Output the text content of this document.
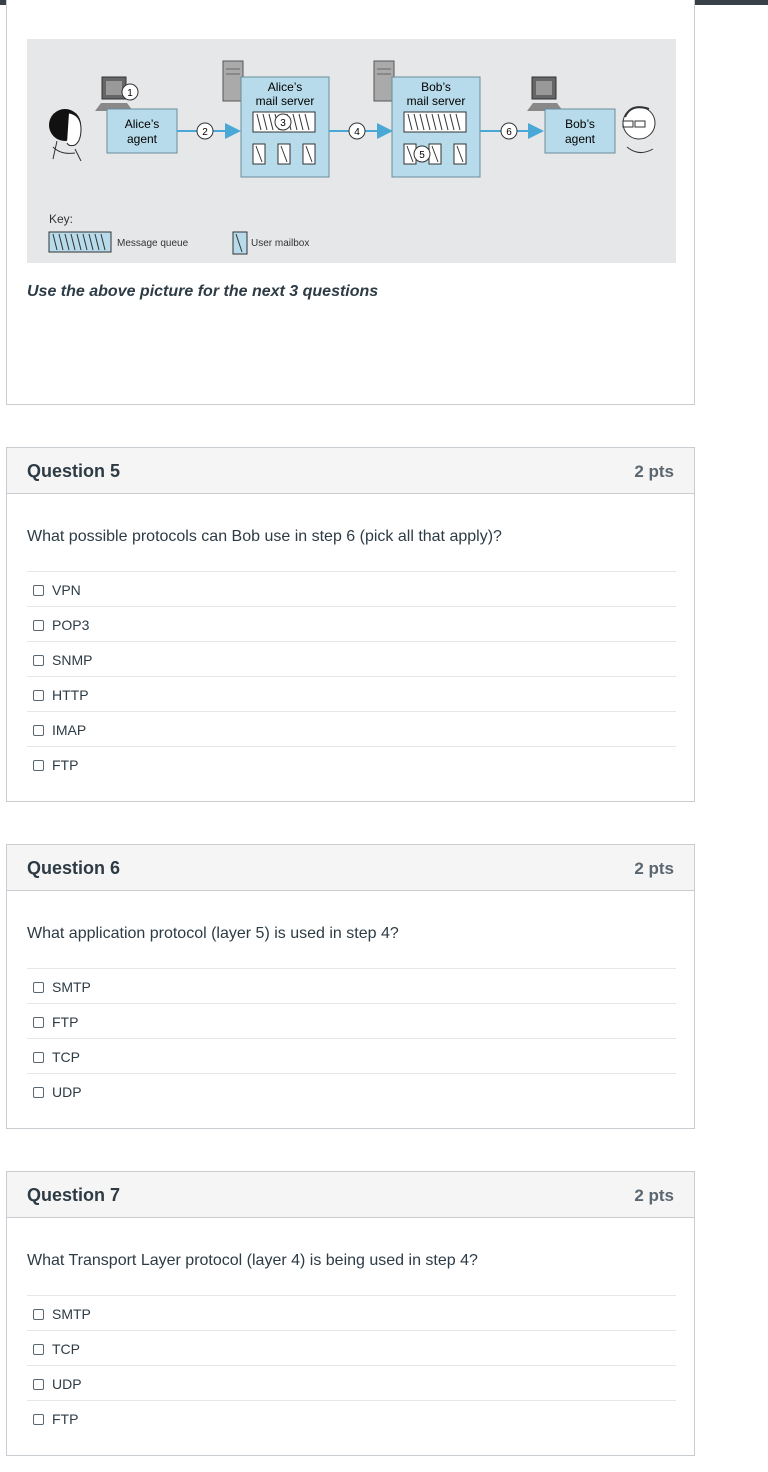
1
Alice’s
agent	2
Alice’s
mail server
3
4
Bob’s
mail server
5
6
Bob’s
agent
Key:
Message queue	User mailbox
Use the above picture for the next 3 questions
Question 5	2 pts
What possible protocols can Bob use in step 6 (pick all that apply)?
VPN
POP3
SNMP
HTTP
IMAP
FTP
Question 6	2 pts
What application protocol (layer 5) is used in step 4?
SMTP
FTP
TCP
UDP
Question 7	2 pts
What Transport Layer protocol (layer 4) is being used in step 4?
SMTP
TCP
UDP
FTP
